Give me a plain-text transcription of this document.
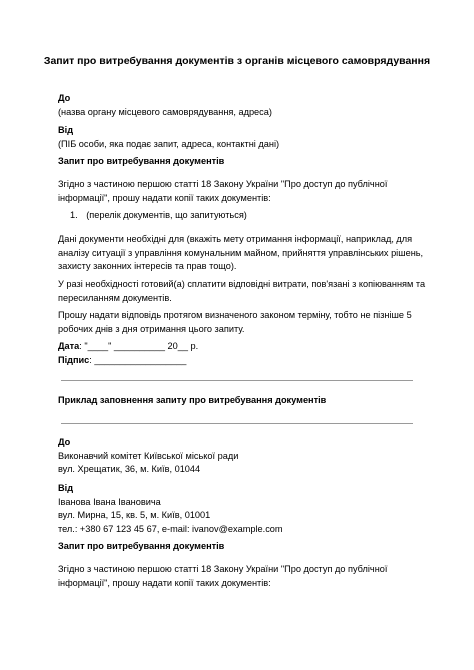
Запит про витребування документів з органів місцевого самоврядування
До
(назва органу місцевого самоврядування, адреса)
Від
(ПІБ особи, яка подає запит, адреса, контактні дані)
Запит про витребування документів
Згідно з частиною першою статті 18 Закону України "Про доступ до публічної
інформації", прошу надати копії таких документів:
1. (перелік документів, що запитуються)
Дані документи необхідні для (вкажіть мету отримання інформації, наприклад, для
аналізу ситуації з управління комунальним майном, прийняття управлінських рішень,
захисту законних інтересів та прав тощо).
У разі необхідності готовий(а) сплатити відповідні витрати, пов'язані з копіюванням та
пересиланням документів.
Прошу надати відповідь протягом визначеного законом терміну, тобто не пізніше 5
робочих днів з дня отримання цього запиту.
Дата: "____" __________ 20__ р.
Підпис: __________________
Приклад заповнення запиту про витребування документів
До
Виконавчий комітет Київської міської ради
вул. Хрещатик, 36, м. Київ, 01044
Від
Іванова Івана Івановича
вул. Мирна, 15, кв. 5, м. Київ, 01001
тел.: +380 67 123 45 67, e-mail: ivanov@example.com
Запит про витребування документів
Згідно з частиною першою статті 18 Закону України "Про доступ до публічної
інформації", прошу надати копії таких документів:
